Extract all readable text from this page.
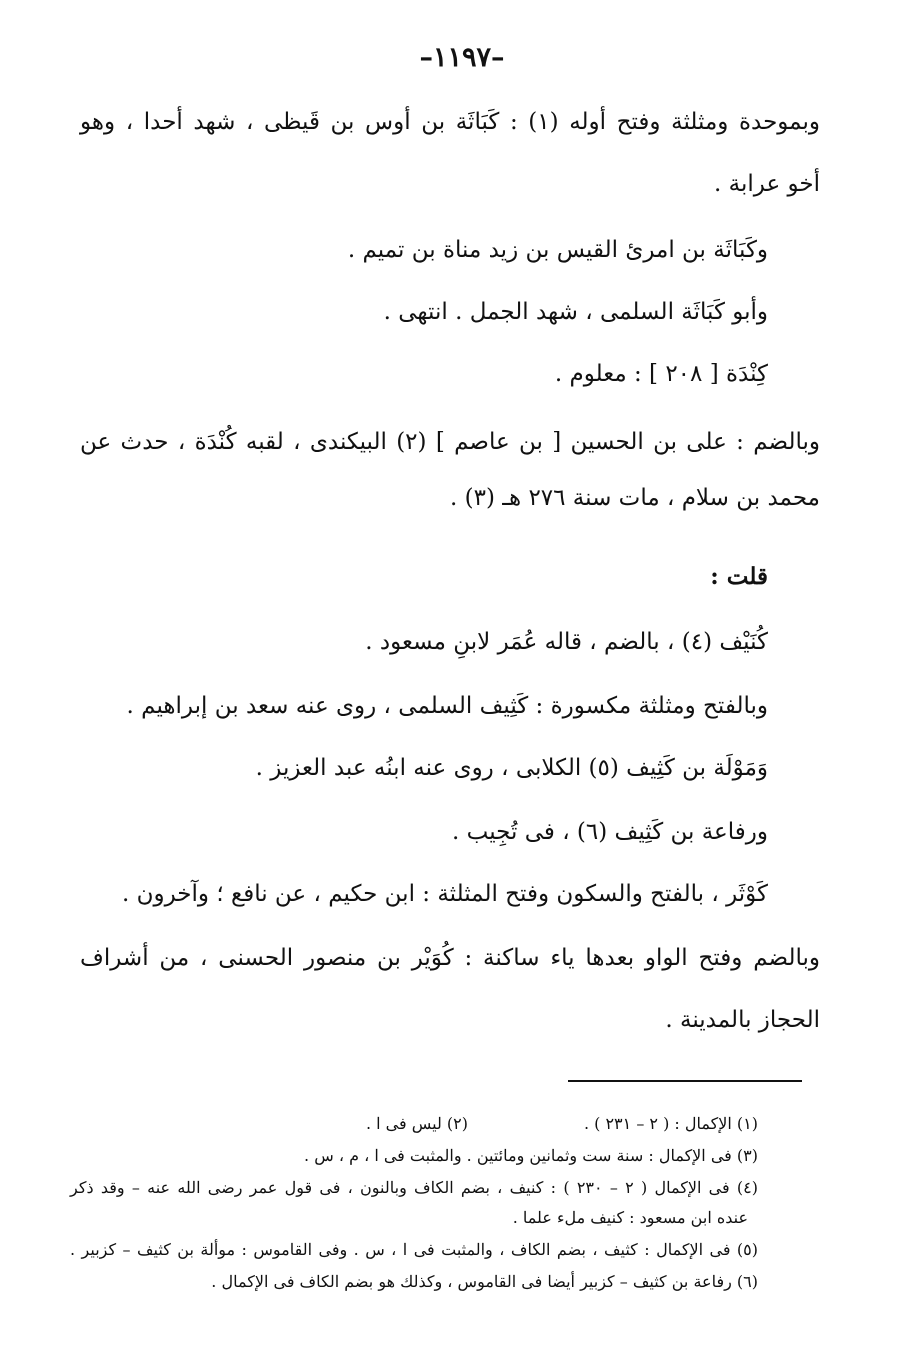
–١١٩٧–
وبموحدة ومثلثة وفتح أوله (١) : كَبَاثَة بن أوس بن قَيظى ، شهد أحدا ، وهو
أخو عرابة .
وكَبَاثَة بن امرئ القيس بن زيد مناة بن تميم .
وأبو كَبَاثَة السلمى ، شهد الجمل . انتهى .
كِنْدَة [ ٢٠٨ ] : معلوم .
وبالضم : على بن الحسين [ بن عاصم ] (٢) البيكندى ، لقبه كُنْدَة ، حدث عن
محمد بن سلام ، مات سنة ٢٧٦ هـ (٣) .
قلت :
كُنَيْف (٤) ، بالضم ، قاله عُمَر لابنِ مسعود .
وبالفتح ومثلثة مكسورة : كَثِيف السلمى ، روى عنه سعد بن إبراهيم .
وَمَوْلَة بن كَثِيف (٥) الكلابى ، روى عنه ابنُه عبد العزيز .
ورفاعة بن كَثِيف (٦) ، فى تُجِيب .
كَوْثَر ، بالفتح والسكون وفتح المثلثة : ابن حكيم ، عن نافع ؛ وآخرون .
وبالضم وفتح الواو بعدها ياء ساكنة : كُوَيْر بن منصور الحسنى ، من أشراف
الحجاز بالمدينة .
(١) الإكمال : ( ٢ – ٢٣١ ) .
(٢) ليس فى ا .
(٣) فى الإكمال : سنة ست وثمانين ومائتين . والمثبت فى ا ، م ، س .
(٤) فى الإكمال ( ٢ – ٢٣٠ ) : كنيف ، بضم الكاف وبالنون ، فى قول عمر رضى الله عنه – وقد ذكر
عنده ابن مسعود : كنيف ملء علما .
(٥) فى الإكمال : كثيف ، بضم الكاف ، والمثبت فى ا ، س . وفى القاموس : موألة بن كثيف – كزبير .
(٦) رفاعة بن كثيف – كزبير أيضا فى القاموس ، وكذلك هو بضم الكاف فى الإكمال .
